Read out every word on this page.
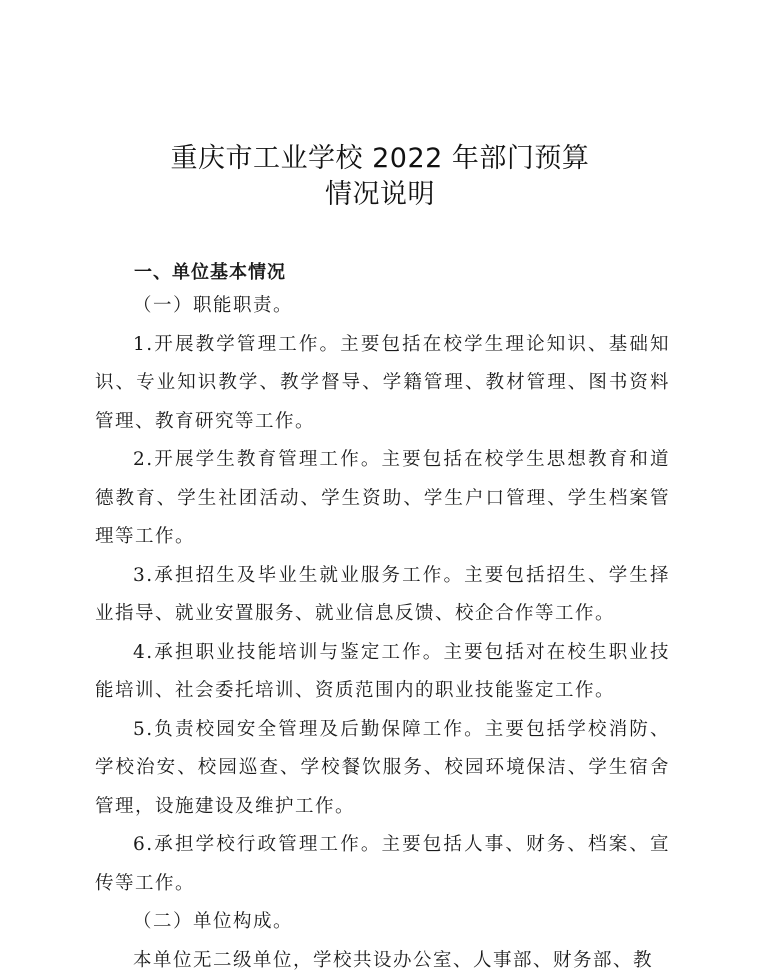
重庆市工业学校 2022 年部门预算
情况说明
一、单位基本情况

（一）职能职责。

1.开展教学管理工作。主要包括在校学生理论知识、基础知识、专业知识教学、教学督导、学籍管理、教材管理、图书资料管理、教育研究等工作。

2.开展学生教育管理工作。主要包括在校学生思想教育和道德教育、学生社团活动、学生资助、学生户口管理、学生档案管理等工作。

3.承担招生及毕业生就业服务工作。主要包括招生、学生择业指导、就业安置服务、就业信息反馈、校企合作等工作。

4.承担职业技能培训与鉴定工作。主要包括对在校生职业技能培训、社会委托培训、资质范围内的职业技能鉴定工作。

5.负责校园安全管理及后勤保障工作。主要包括学校消防、学校治安、校园巡查、学校餐饮服务、校园环境保洁、学生宿舍管理，设施建设及维护工作。

6.承担学校行政管理工作。主要包括人事、财务、档案、宣传等工作。

（二）单位构成。

本单位无二级单位，学校共设办公室、人事部、财务部、教
